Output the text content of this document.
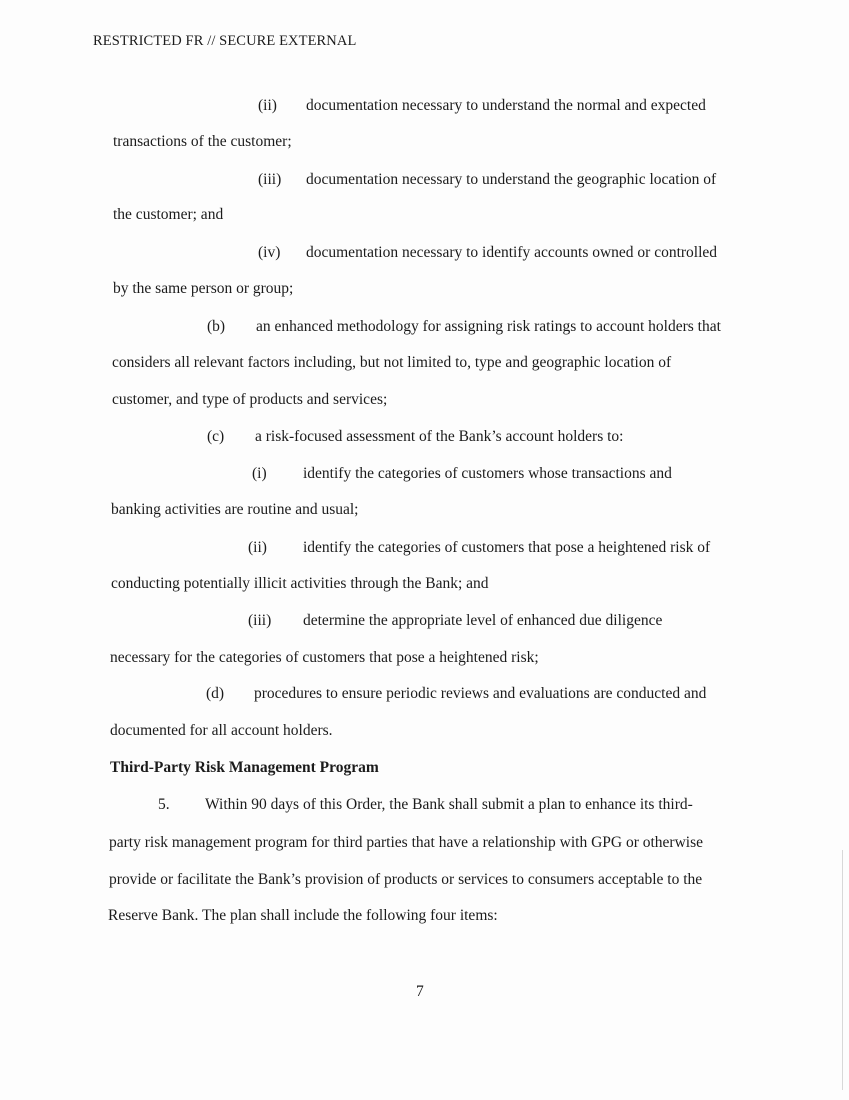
RESTRICTED FR // SECURE EXTERNAL
(ii) documentation necessary to understand the normal and expected
transactions of the customer;
(iii) documentation necessary to understand the geographic location of
the customer; and
(iv) documentation necessary to identify accounts owned or controlled
by the same person or group;
(b) an enhanced methodology for assigning risk ratings to account holders that
considers all relevant factors including, but not limited to, type and geographic location of
customer, and type of products and services;
(c) a risk-focused assessment of the Bank’s account holders to:
(i) identify the categories of customers whose transactions and
banking activities are routine and usual;
(ii) identify the categories of customers that pose a heightened risk of
conducting potentially illicit activities through the Bank; and
(iii) determine the appropriate level of enhanced due diligence
necessary for the categories of customers that pose a heightened risk;
(d) procedures to ensure periodic reviews and evaluations are conducted and
documented for all account holders.
Third-Party Risk Management Program
5. Within 90 days of this Order, the Bank shall submit a plan to enhance its third-
party risk management program for third parties that have a relationship with GPG or otherwise
provide or facilitate the Bank’s provision of products or services to consumers acceptable to the
Reserve Bank. The plan shall include the following four items:
7
